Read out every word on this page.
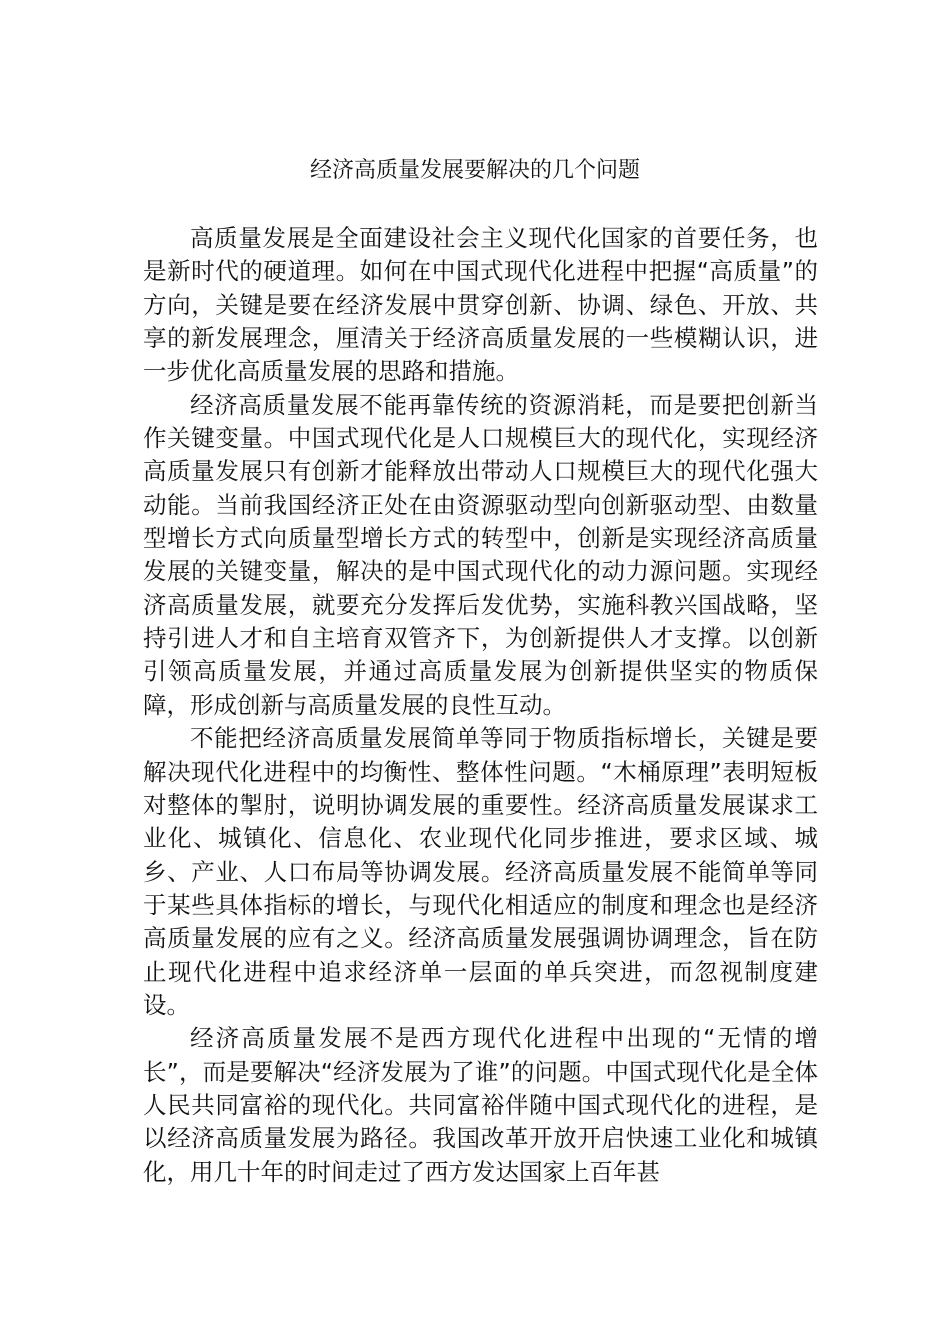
经济高质量发展要解决的几个问题

高质量发展是全面建设社会主义现代化国家的首要任务，也是新时代的硬道理。如何在中国式现代化进程中把握“高质量”的方向，关键是要在经济发展中贯穿创新、协调、绿色、开放、共享的新发展理念，厘清关于经济高质量发展的一些模糊认识，进一步优化高质量发展的思路和措施。

经济高质量发展不能再靠传统的资源消耗，而是要把创新当作关键变量。中国式现代化是人口规模巨大的现代化，实现经济高质量发展只有创新才能释放出带动人口规模巨大的现代化强大动能。当前我国经济正处在由资源驱动型向创新驱动型、由数量型增长方式向质量型增长方式的转型中，创新是实现经济高质量发展的关键变量，解决的是中国式现代化的动力源问题。实现经济高质量发展，就要充分发挥后发优势，实施科教兴国战略，坚持引进人才和自主培育双管齐下，为创新提供人才支撑。以创新引领高质量发展，并通过高质量发展为创新提供坚实的物质保障，形成创新与高质量发展的良性互动。

不能把经济高质量发展简单等同于物质指标增长，关键是要解决现代化进程中的均衡性、整体性问题。“木桶原理”表明短板对整体的掣肘，说明协调发展的重要性。经济高质量发展谋求工业化、城镇化、信息化、农业现代化同步推进，要求区域、城乡、产业、人口布局等协调发展。经济高质量发展不能简单等同于某些具体指标的增长，与现代化相适应的制度和理念也是经济高质量发展的应有之义。经济高质量发展强调协调理念，旨在防止现代化进程中追求经济单一层面的单兵突进，而忽视制度建设。

经济高质量发展不是西方现代化进程中出现的“无情的增长”，而是要解决“经济发展为了谁”的问题。中国式现代化是全体人民共同富裕的现代化。共同富裕伴随中国式现代化的进程，是以经济高质量发展为路径。我国改革开放开启快速工业化和城镇化，用几十年的时间走过了西方发达国家上百年甚
